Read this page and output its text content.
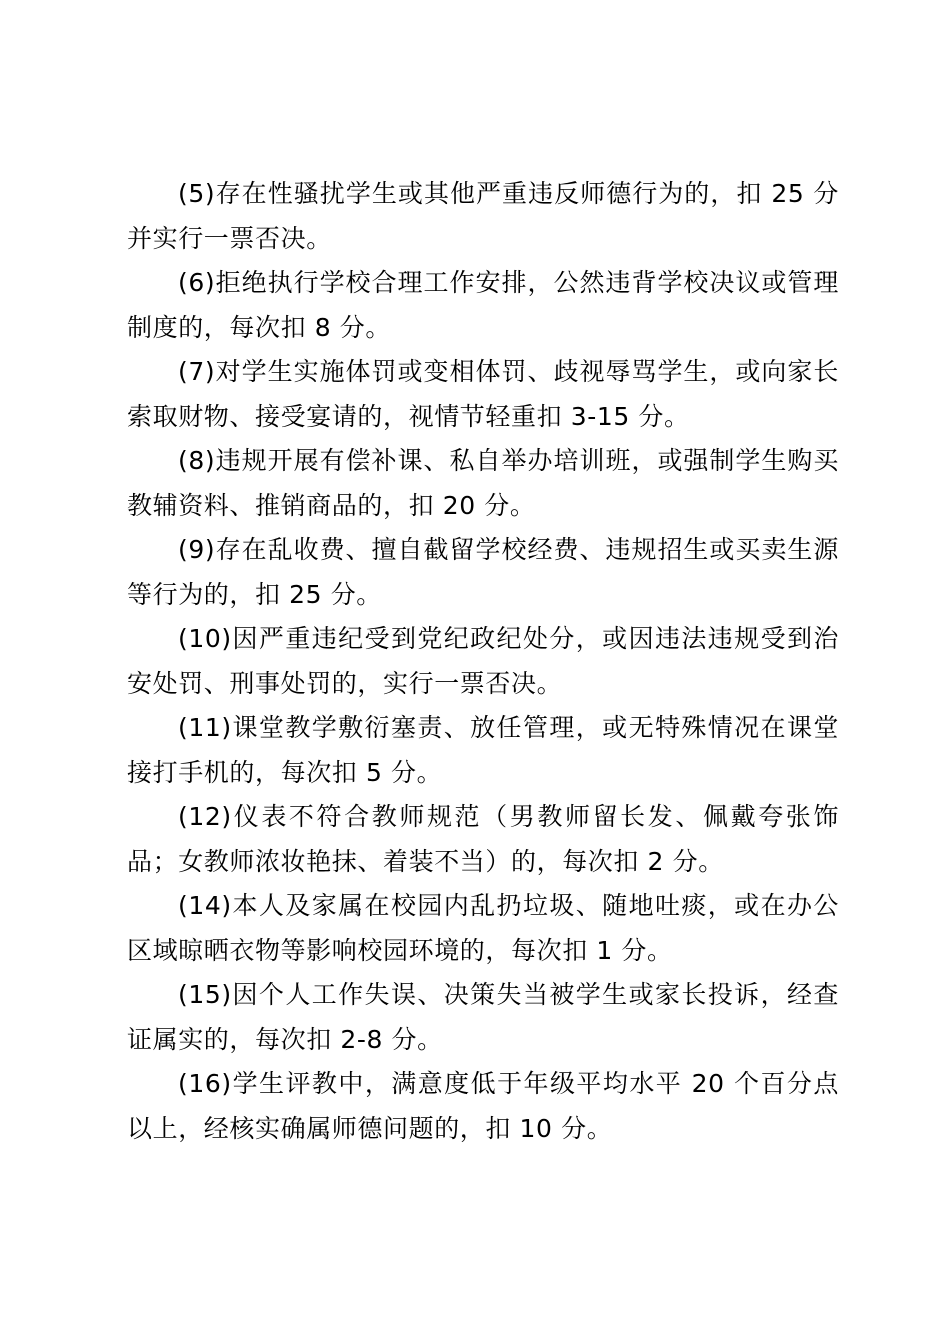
(5)存在性骚扰学生或其他严重违反师德行为的，扣 25 分并实行一票否决。

(6)拒绝执行学校合理工作安排，公然违背学校决议或管理制度的，每次扣 8 分。

(7)对学生实施体罚或变相体罚、歧视辱骂学生，或向家长索取财物、接受宴请的，视情节轻重扣 3-15 分。

(8)违规开展有偿补课、私自举办培训班，或强制学生购买教辅资料、推销商品的，扣 20 分。

(9)存在乱收费、擅自截留学校经费、违规招生或买卖生源等行为的，扣 25 分。

(10)因严重违纪受到党纪政纪处分，或因违法违规受到治安处罚、刑事处罚的，实行一票否决。

(11)课堂教学敷衍塞责、放任管理，或无特殊情况在课堂接打手机的，每次扣 5 分。

(12)仪表不符合教师规范（男教师留长发、佩戴夸张饰品；女教师浓妆艳抹、着装不当）的，每次扣 2 分。

(14)本人及家属在校园内乱扔垃圾、随地吐痰，或在办公区域晾晒衣物等影响校园环境的，每次扣 1 分。

(15)因个人工作失误、决策失当被学生或家长投诉，经查证属实的，每次扣 2-8 分。

(16)学生评教中，满意度低于年级平均水平 20 个百分点以上，经核实确属师德问题的，扣 10 分。
